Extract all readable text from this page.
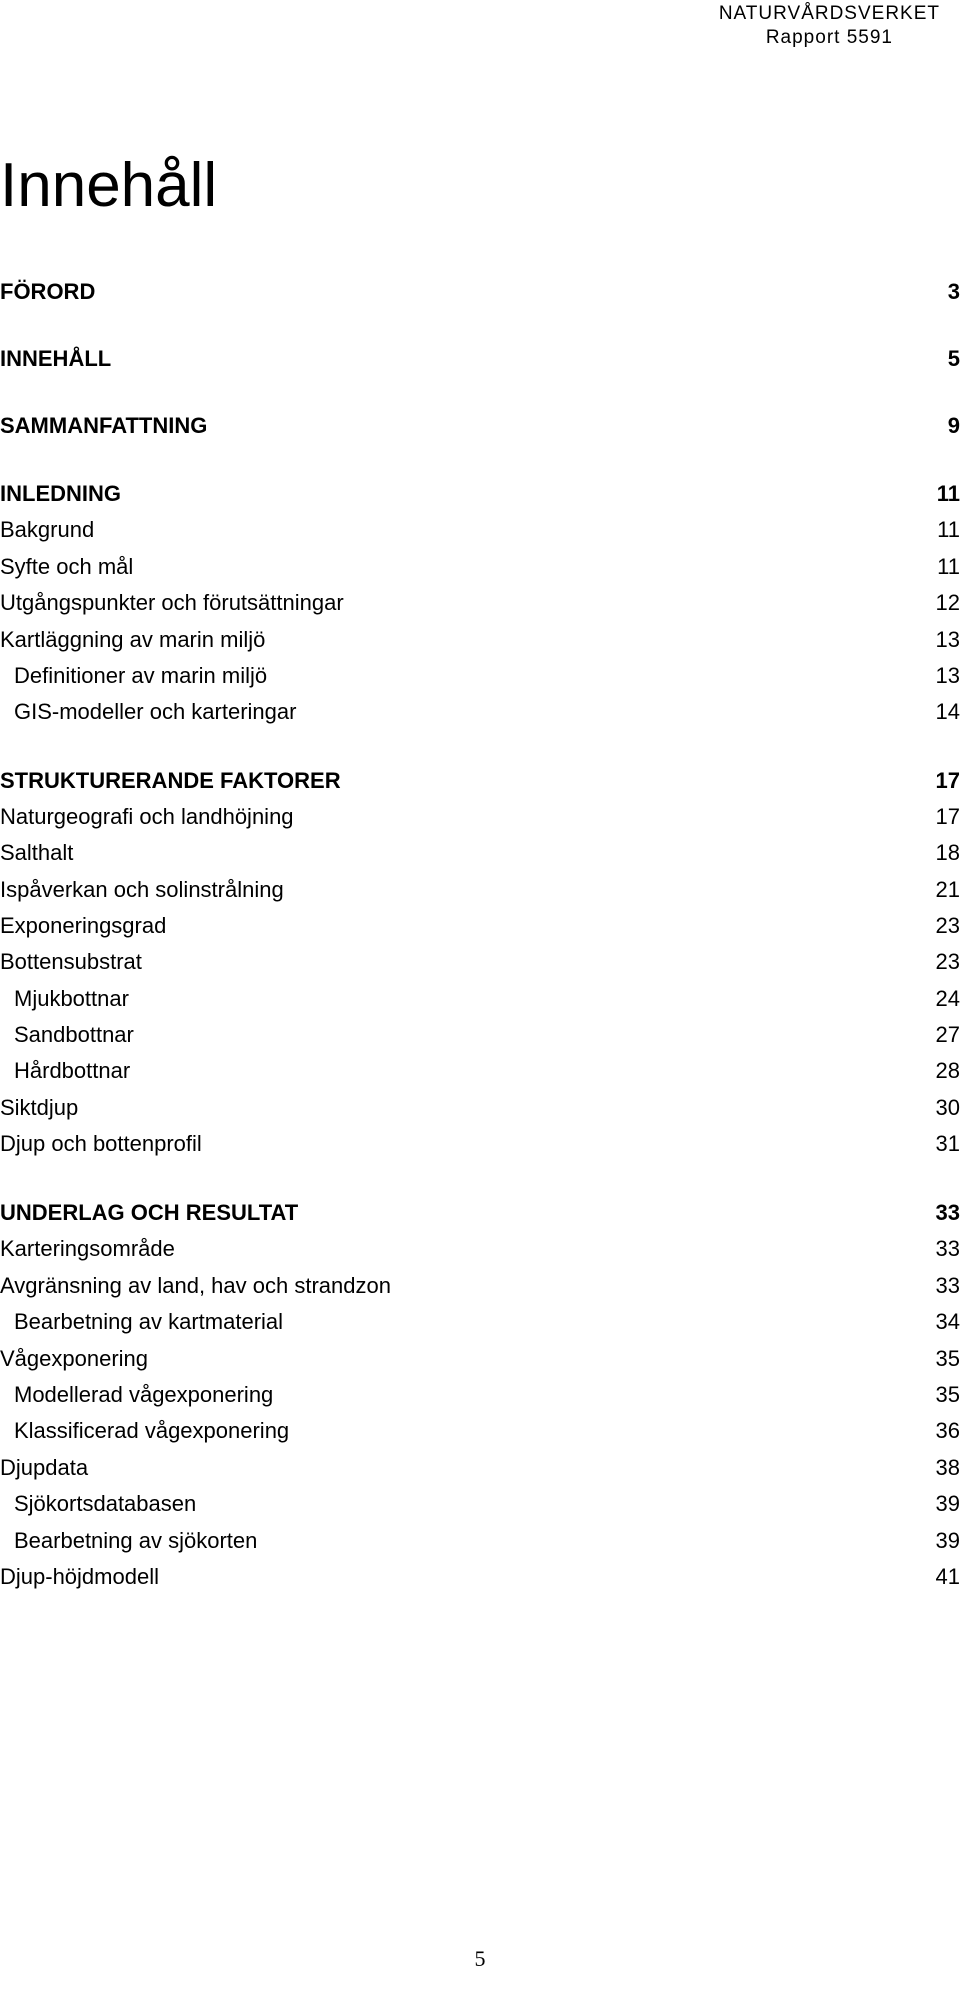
NATURVÅRDSVERKET
Rapport 5591
Innehåll
FÖRORD	3
INNEHÅLL	5
SAMMANFATTNING	9
INLEDNING	11
Bakgrund	11
Syfte och mål	11
Utgångspunkter och förutsättningar	12
Kartläggning av marin miljö	13
Definitioner av marin miljö	13
GIS-modeller och karteringar	14
STRUKTURERANDE FAKTORER	17
Naturgeografi och landhöjning	17
Salthalt	18
Ispåverkan och solinstrålning	21
Exponeringsgrad	23
Bottensubstrat	23
Mjukbottnar	24
Sandbottnar	27
Hårdbottnar	28
Siktdjup	30
Djup och bottenprofil	31
UNDERLAG OCH RESULTAT	33
Karteringsområde	33
Avgränsning av land, hav och strandzon	33
Bearbetning av kartmaterial	34
Vågexponering	35
Modellerad vågexponering	35
Klassificerad vågexponering	36
Djupdata	38
Sjökortsdatabasen	39
Bearbetning av sjökorten	39
Djup-höjdmodell	41
5
